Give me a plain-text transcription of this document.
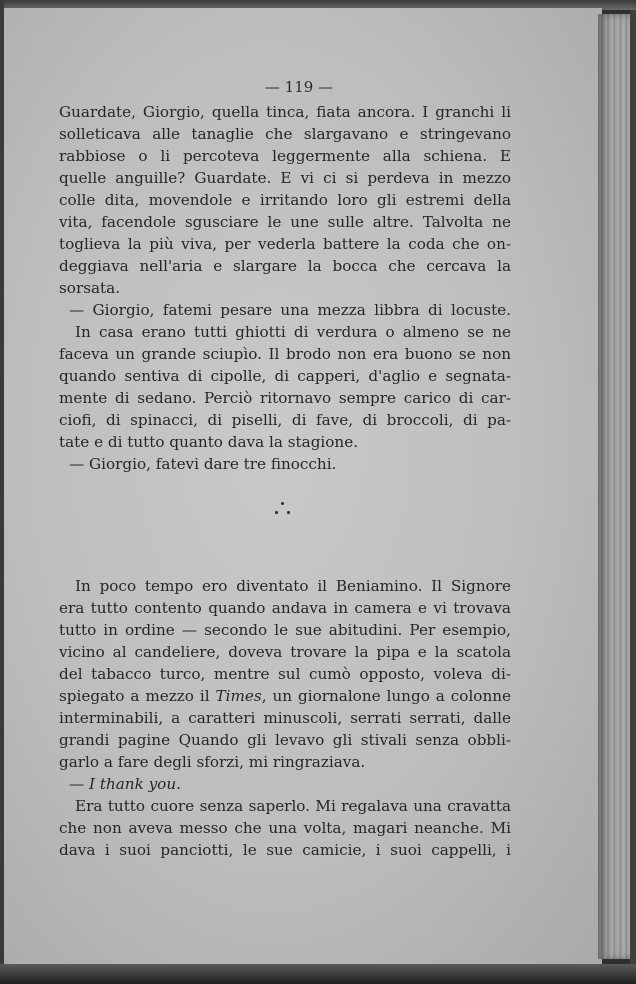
— 119 —
Guardate, Giorgio, quella tinca, fiata ancora. I granchi li
solleticava alle tanaglie che slargavano e stringevano
rabbiose o li percoteva leggermente alla schiena. E
quelle anguille? Guardate. E vi ci si perdeva in mezzo
colle dita, movendole e irritando loro gli estremi della
vita, facendole sgusciare le une sulle altre. Talvolta ne
toglieva la più viva, per vederla battere la coda che on-
deggiava nell'aria e slargare la bocca che cercava la
sorsata.
— Giorgio, fatemi pesare una mezza libbra di locuste.
In casa erano tutti ghiotti di verdura o almeno se ne
faceva un grande sciupìo. Il brodo non era buono se non
quando sentiva di cipolle, di capperi, d'aglio e segnata-
mente di sedano. Perciò ritornavo sempre carico di car-
ciofi, di spinacci, di piselli, di fave, di broccoli, di pa-
tate e di tutto quanto dava la stagione.
— Giorgio, fatevi dare tre finocchi.
In poco tempo ero diventato il Beniamino. Il Signore
era tutto contento quando andava in camera e vi trovava
tutto in ordine — secondo le sue abitudini. Per esempio,
vicino al candeliere, doveva trovare la pipa e la scatola
del tabacco turco, mentre sul cumò opposto, voleva di-
spiegato a mezzo il Times, un giornalone lungo a colonne
interminabili, a caratteri minuscoli, serrati serrati, dalle
grandi pagine Quando gli levavo gli stivali senza obbli-
garlo a fare degli sforzi, mi ringraziava.
— I thank you.
Era tutto cuore senza saperlo. Mi regalava una cravatta
che non aveva messo che una volta, magari neanche. Mi
dava i suoi panciotti, le sue camicie, i suoi cappelli, i
